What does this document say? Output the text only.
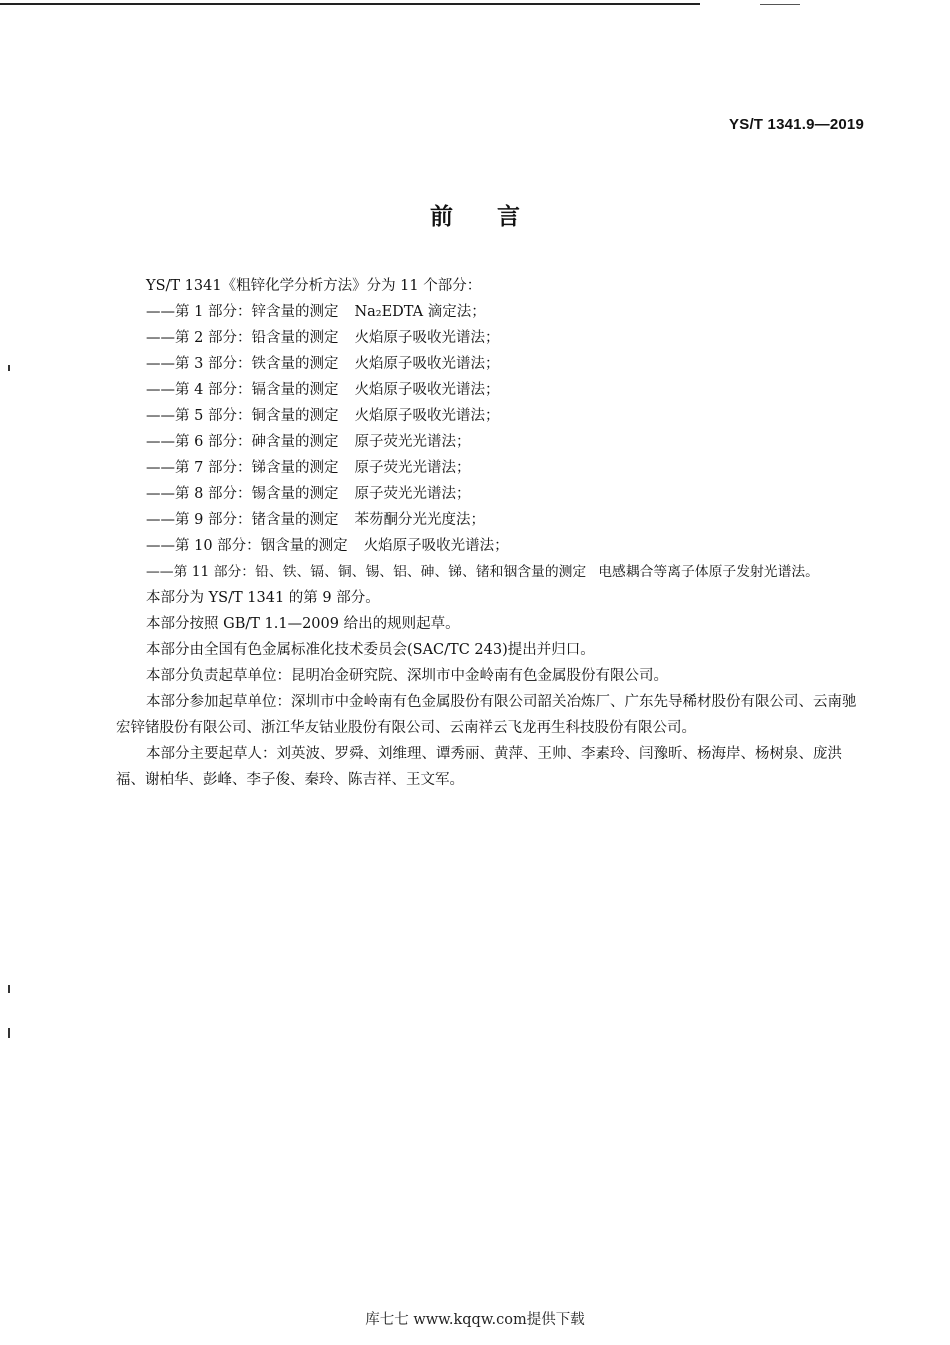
YS/T 1341.9—2019
前言

YS/T 1341《粗锌化学分析方法》分为 11 个部分：

——第 1 部分：锌含量的测定 Na₂EDTA 滴定法；
——第 2 部分：铅含量的测定 火焰原子吸收光谱法；
——第 3 部分：铁含量的测定 火焰原子吸收光谱法；
——第 4 部分：镉含量的测定 火焰原子吸收光谱法；
——第 5 部分：铜含量的测定 火焰原子吸收光谱法；
——第 6 部分：砷含量的测定 原子荧光光谱法；
——第 7 部分：锑含量的测定 原子荧光光谱法；
——第 8 部分：锡含量的测定 原子荧光光谱法；
——第 9 部分：锗含量的测定 苯芴酮分光光度法；
——第 10 部分：铟含量的测定 火焰原子吸收光谱法；
——第 11 部分：铅、铁、镉、铜、锡、铝、砷、锑、锗和铟含量的测定 电感耦合等离子体原子发射光谱法。

本部分为 YS/T 1341 的第 9 部分。

本部分按照 GB/T 1.1—2009 给出的规则起草。

本部分由全国有色金属标准化技术委员会(SAC/TC 243)提出并归口。

本部分负责起草单位：昆明冶金研究院、深圳市中金岭南有色金属股份有限公司。

本部分参加起草单位：深圳市中金岭南有色金属股份有限公司韶关冶炼厂、广东先导稀材股份有限公司、云南驰宏锌锗股份有限公司、浙江华友钴业股份有限公司、云南祥云飞龙再生科技股份有限公司。

本部分主要起草人：刘英波、罗舜、刘维理、谭秀丽、黄萍、王帅、李素玲、闫豫昕、杨海岸、杨树泉、庞洪福、谢柏华、彭峰、李子俊、秦玲、陈吉祥、王文军。

库七七 www.kqqw.com提供下载
